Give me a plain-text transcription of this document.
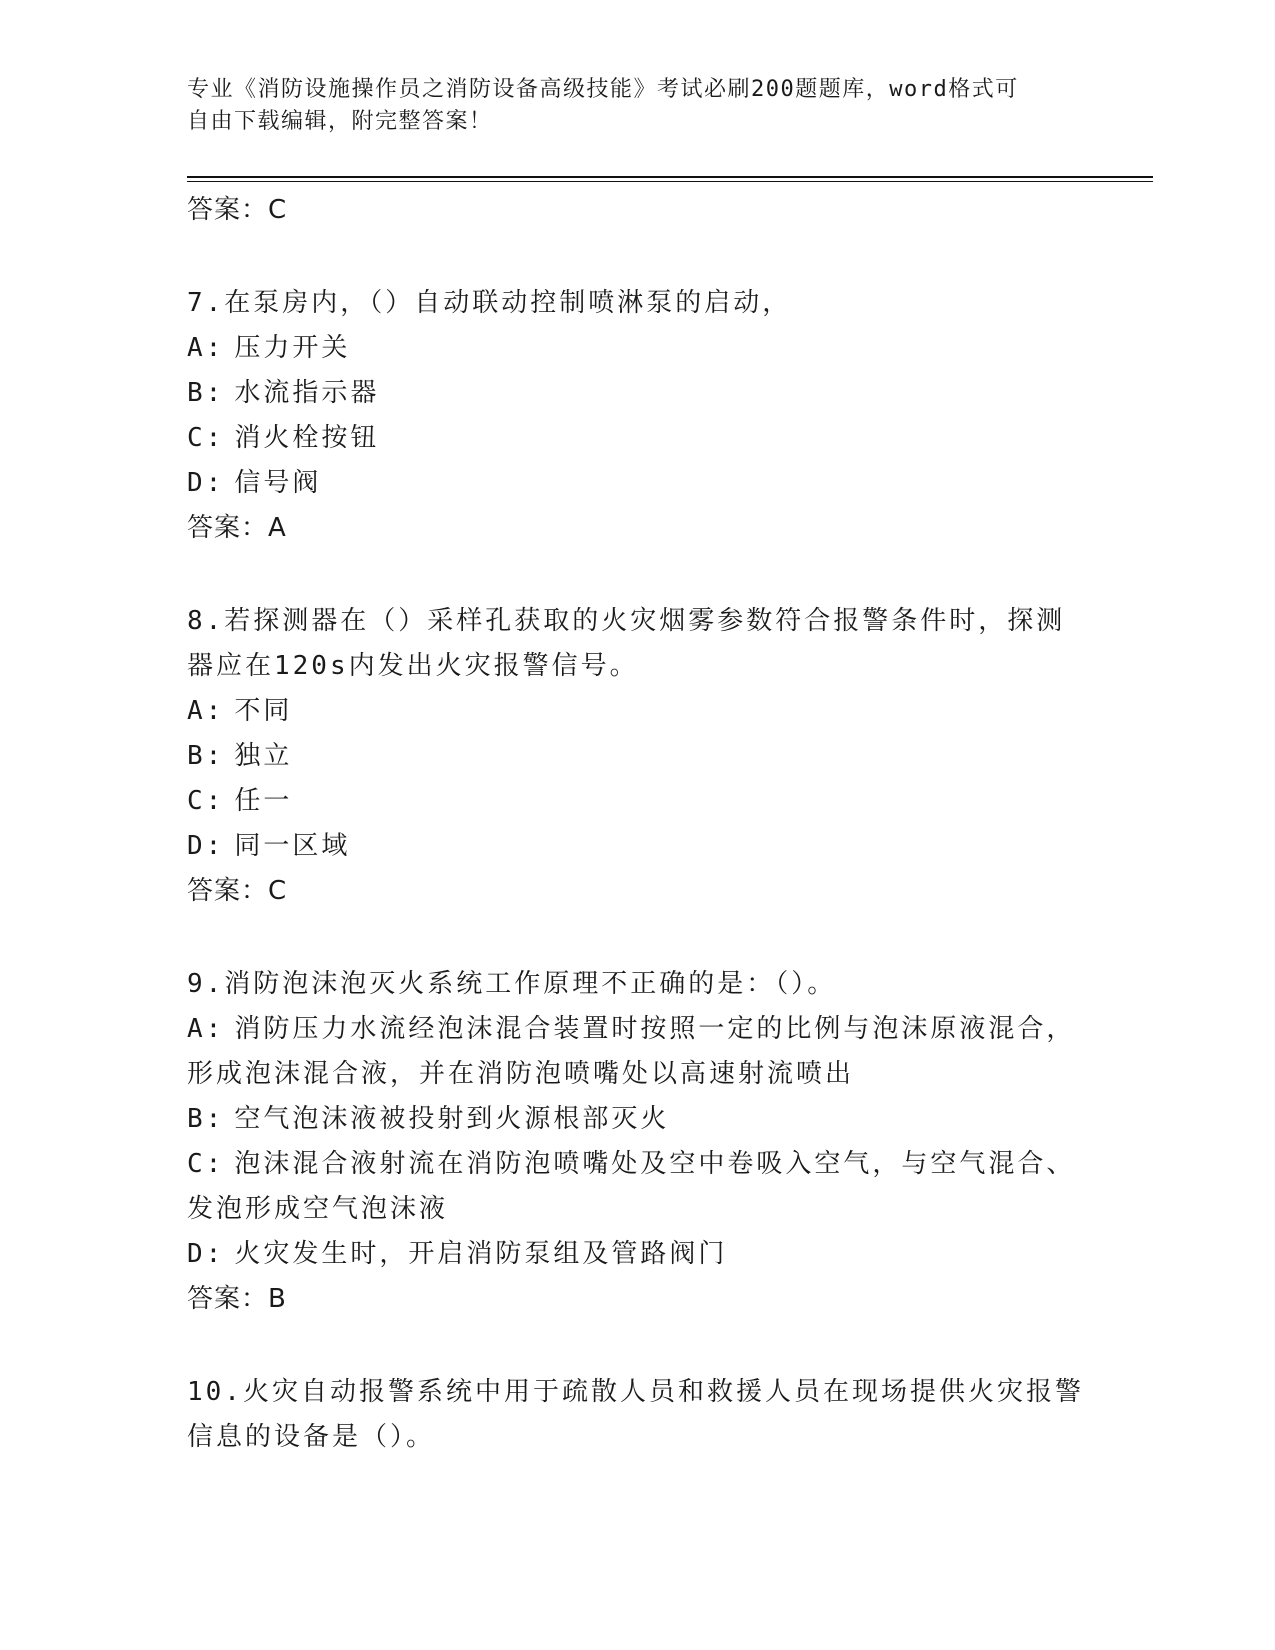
专业《消防设施操作员之消防设备高级技能》考试必刷200题题库，word格式可
自由下载编辑，附完整答案！

答案：C

7.在泵房内，（）自动联动控制喷淋泵的启动，

A: 压力开关

B: 水流指示器

C: 消火栓按钮

D: 信号阀

答案：A

8.若探测器在（）采样孔获取的火灾烟雾参数符合报警条件时，探测

器应在120s内发出火灾报警信号。

A: 不同

B: 独立

C: 任一

D: 同一区域

答案：C

9.消防泡沫泡灭火系统工作原理不正确的是：（）。

A: 消防压力水流经泡沫混合装置时按照一定的比例与泡沫原液混合，

形成泡沫混合液，并在消防泡喷嘴处以高速射流喷出

B: 空气泡沫液被投射到火源根部灭火

C: 泡沫混合液射流在消防泡喷嘴处及空中卷吸入空气，与空气混合、

发泡形成空气泡沫液

D: 火灾发生时，开启消防泵组及管路阀门

答案：B

10.火灾自动报警系统中用于疏散人员和救援人员在现场提供火灾报警

信息的设备是（）。
